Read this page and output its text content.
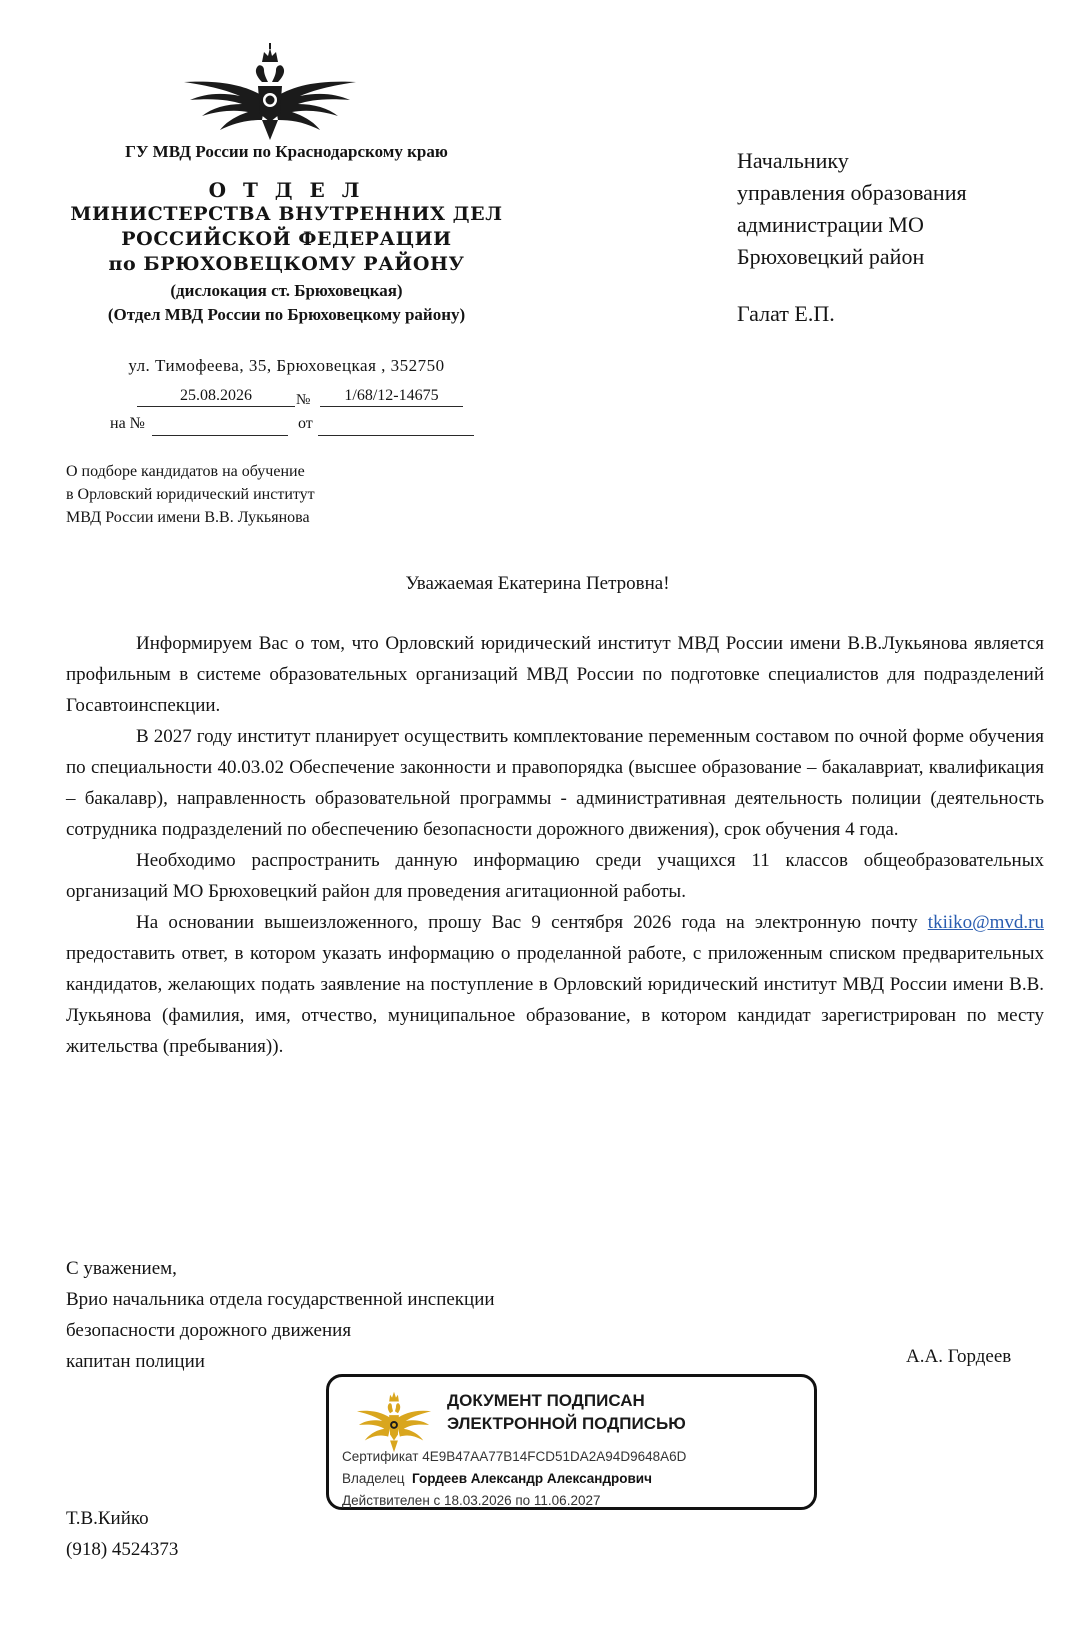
ГУ МВД России по Краснодарскому краю
О Т Д Е Л
МИНИСТЕРСТВА ВНУТРЕННИХ ДЕЛ
РОССИЙСКОЙ ФЕДЕРАЦИИ
по БРЮХОВЕЦКОМУ РАЙОНУ
(дислокация ст. Брюховецкая)
(Отдел МВД России по Брюховецкому району)
ул. Тимофеева, 35, Брюховецкая , 352750
25.08.2026	№	1/68/12-14675
на №	от
О подборе кандидатов на обучение
в Орловский юридический институт
МВД России имени В.В. Лукьянова
Начальнику
управления образования
администрации МО
Брюховецкий район
Галат Е.П.
Уважаемая Екатерина Петровна!

Информируем Вас о том, что Орловский юридический институт МВД России имени В.В.Лукьянова является профильным в системе образовательных организаций МВД России по подготовке специалистов для подразделений Госавтоинспекции.

В 2027 году институт планирует осуществить комплектование переменным составом по очной форме обучения по специальности 40.03.02 Обеспечение законности и правопорядка (высшее образование – бакалавриат, квалификация – бакалавр), направленность образовательной программы - административная деятельность полиции (деятельность сотрудника подразделений по обеспечению безопасности дорожного движения), срок обучения 4 года.

Необходимо распространить данную информацию среди учащихся 11 классов общеобразовательных организаций МО Брюховецкий район для проведения агитационной работы.

На основании вышеизложенного, прошу Вас 9 сентября 2026 года на электронную почту tkiiko@mvd.ru предоставить ответ, в котором указать информацию о проделанной работе, с приложенным списком предварительных кандидатов, желающих подать заявление на поступление в Орловский юридический институт МВД России имени В.В. Лукьянова (фамилия, имя, отчество, муниципальное образование, в котором кандидат зарегистрирован по месту жительства (пребывания)).

С уважением,
Врио начальника отдела государственной инспекции
безопасности дорожного движения
капитан полиции	А.А. Гордеев
ДОКУМЕНТ ПОДПИСАН
ЭЛЕКТРОННОЙ ПОДПИСЬЮ
Сертификат 4E9B47AA77B14FCD51DA2A94D9648A6D
Владелец Гордеев Александр Александрович
Действителен с 18.03.2026 по 11.06.2027
Т.В.Кийко
(918) 4524373
